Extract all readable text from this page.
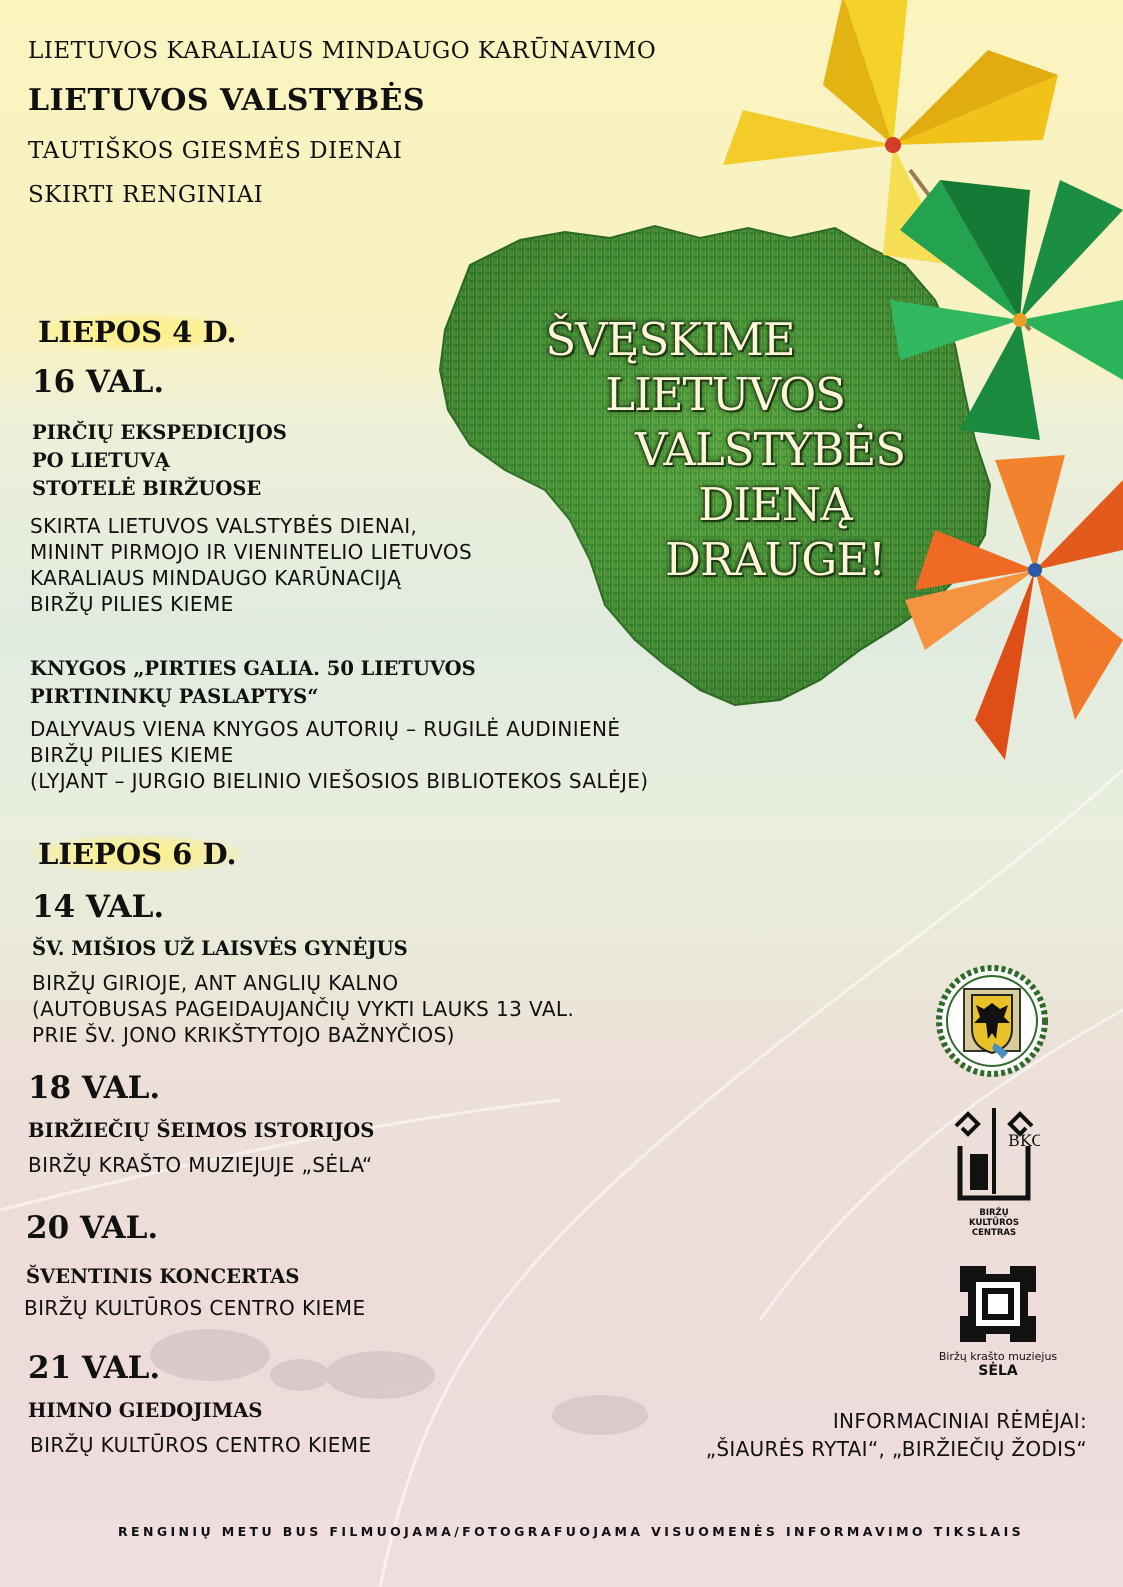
LIETUVOS KARALIAUS MINDAUGO KARŪNAVIMO

LIETUVOS VALSTYBĖS

TAUTIŠKOS GIESMĖS DIENAI

SKIRTI RENGINIAI

ŠVĘSKIME
LIETUVOS
VALSTYBĖS
DIENĄ
DRAUGE!

LIEPOS 4 D.

16 VAL.

PIRČIŲ EKSPEDICIJOS
PO LIETUVĄ
STOTELĖ BIRŽUOSE
SKIRTA LIETUVOS VALSTYBĖS DIENAI,
MININT PIRMOJO IR VIENINTELIO LIETUVOS
KARALIAUS MINDAUGO KARŪNACIJĄ
BIRŽŲ PILIES KIEME
KNYGOS „PIRTIES GALIA. 50 LIETUVOS
PIRTININKŲ PASLAPTYS“
DALYVAUS VIENA KNYGOS AUTORIŲ – RUGILĖ AUDINIENĖ
BIRŽŲ PILIES KIEME
(LYJANT – JURGIO BIELINIO VIEŠOSIOS BIBLIOTEKOS SALĖJE)

LIEPOS 6 D.

14 VAL.

ŠV. MIŠIOS UŽ LAISVĖS GYNĖJUS

BIRŽŲ GIRIOJE, ANT ANGLIŲ KALNO
(AUTOBUSAS PAGEIDAUJANČIŲ VYKTI LAUKS 13 VAL.
PRIE ŠV. JONO KRIKŠTYTOJO BAŽNYČIOS)

18 VAL.

BIRŽIEČIŲ ŠEIMOS ISTORIJOS

BIRŽŲ KRAŠTO MUZIEJUJE „SĖLA“

20 VAL.

ŠVENTINIS KONCERTAS

BIRŽŲ KULTŪROS CENTRO KIEME

21 VAL.

HIMNO GIEDOJIMAS

BIRŽŲ KULTŪROS CENTRO KIEME
BKC
BIRŽŲ
KULTŪROS
CENTRAS
Biržų krašto muziejus
SĖLA
INFORMACINIAI RĖMĖJAI:
„ŠIAURĖS RYTAI“, „BIRŽIEČIŲ ŽODIS“

RENGINIŲ METU BUS FILMUOJAMA/FOTOGRAFUOJAMA VISUOMENĖS INFORMAVIMO TIKSLAIS
